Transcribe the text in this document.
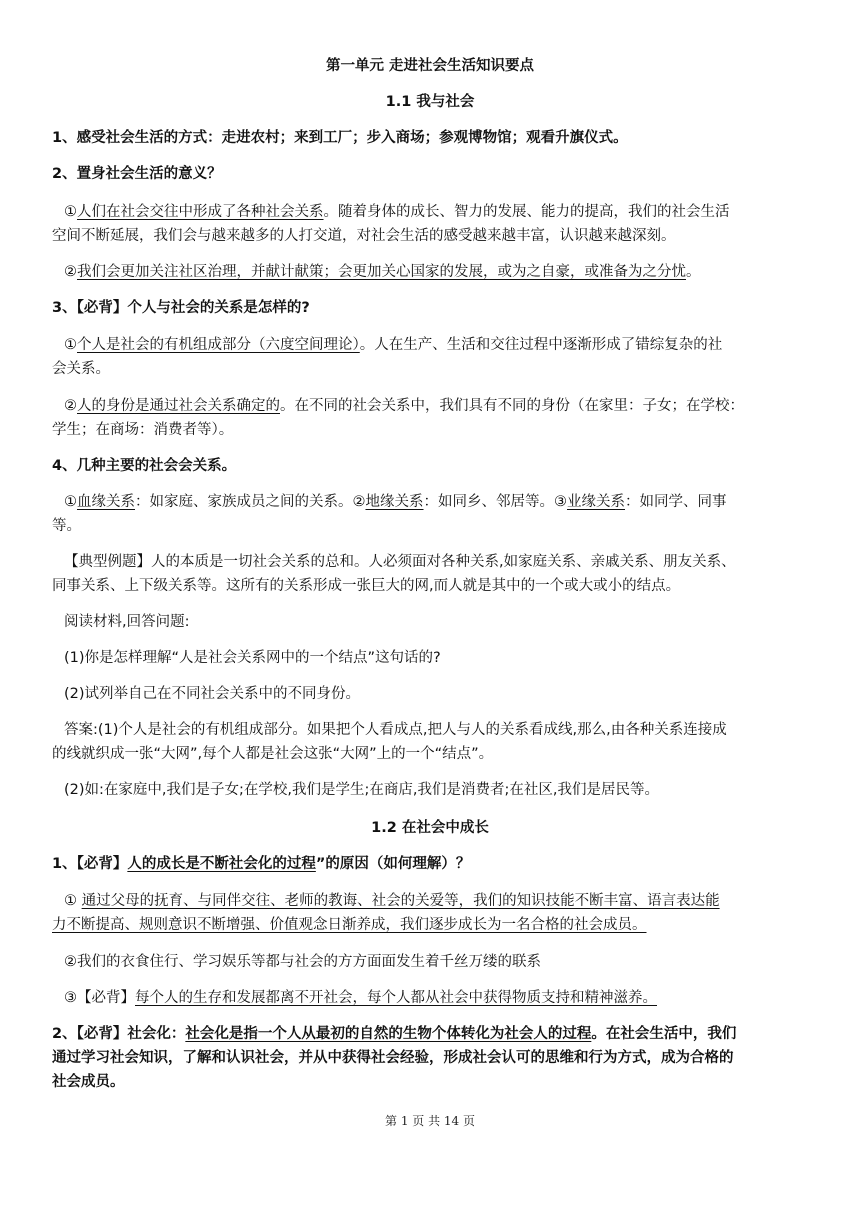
第一单元 走进社会生活知识要点
1.1 我与社会
1、感受社会生活的方式：走进农村；来到工厂；步入商场；参观博物馆；观看升旗仪式。
2、置身社会生活的意义？
①人们在社会交往中形成了各种社会关系。随着身体的成长、智力的发展、能力的提高，我们的社会生活
空间不断延展，我们会与越来越多的人打交道，对社会生活的感受越来越丰富，认识越来越深刻。
②我们会更加关注社区治理，并献计献策；会更加关心国家的发展，或为之自豪，或准备为之分忧。
3、【必背】个人与社会的关系是怎样的?
①个人是社会的有机组成部分（六度空间理论）。人在生产、生活和交往过程中逐渐形成了错综复杂的社
会关系。
②人的身份是通过社会关系确定的。在不同的社会关系中，我们具有不同的身份（在家里：子女；在学校：
学生；在商场：消费者等）。
4、几种主要的社会会关系。
①血缘关系：如家庭、家族成员之间的关系。②地缘关系：如同乡、邻居等。③业缘关系：如同学、同事
等。
【典型例题】人的本质是一切社会关系的总和。人必须面对各种关系,如家庭关系、亲戚关系、朋友关系、
同事关系、上下级关系等。这所有的关系形成一张巨大的网,而人就是其中的一个或大或小的结点。
阅读材料,回答问题:
(1)你是怎样理解“人是社会关系网中的一个结点”这句话的?
(2)试列举自己在不同社会关系中的不同身份。
答案:(1)个人是社会的有机组成部分。如果把个人看成点,把人与人的关系看成线,那么,由各种关系连接成
的线就织成一张“大网”,每个人都是社会这张“大网”上的一个“结点”。
(2)如:在家庭中,我们是子女;在学校,我们是学生;在商店,我们是消费者;在社区,我们是居民等。
1.2 在社会中成长
1、【必背】人的成长是不断社会化的过程”的原因（如何理解）？
① 通过父母的抚育、与同伴交往、老师的教诲、社会的关爱等，我们的知识技能不断丰富、语言表达能
力不断提高、规则意识不断增强、价值观念日渐养成，我们逐步成长为一名合格的社会成员。
②我们的衣食住行、学习娱乐等都与社会的方方面面发生着千丝万缕的联系
③【必背】每个人的生存和发展都离不开社会，每个人都从社会中获得物质支持和精神滋养。
2、【必背】社会化：社会化是指一个人从最初的自然的生物个体转化为社会人的过程。在社会生活中，我们
通过学习社会知识，了解和认识社会，并从中获得社会经验，形成社会认可的思维和行为方式，成为合格的
社会成员。
第 1 页 共 14 页
